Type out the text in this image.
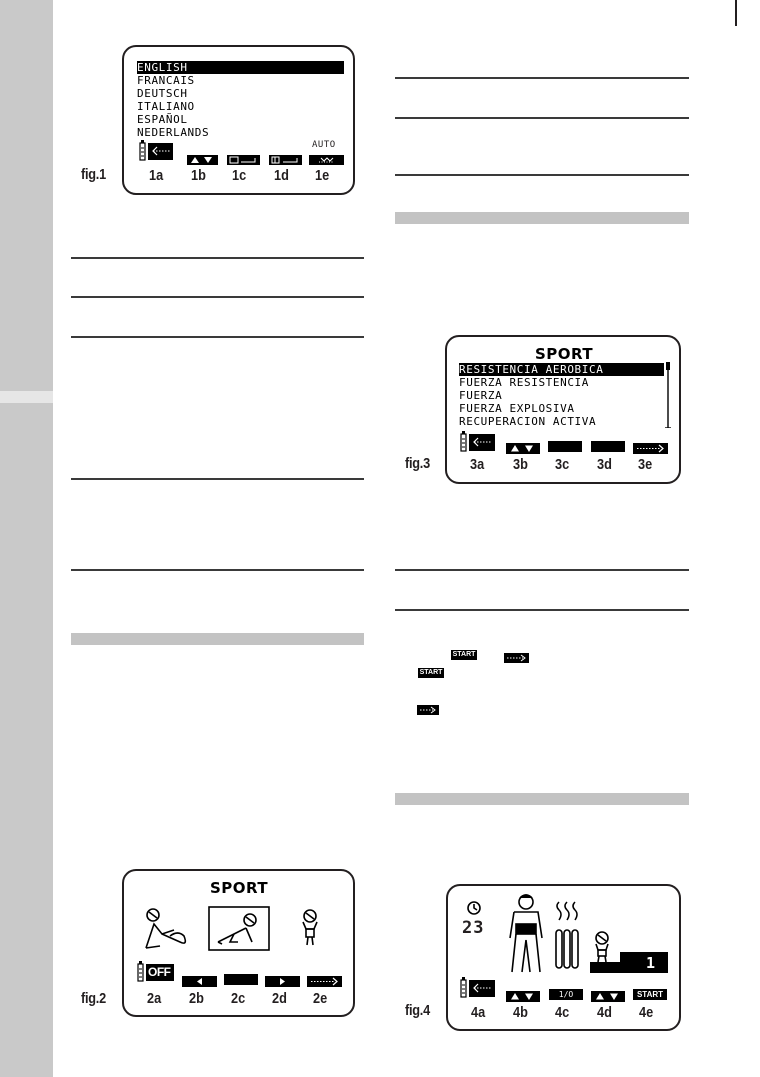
START
START
fig.1
ENGLISH
FRANCAIS
DEUTSCH
ITALIANO
ESPAÑOL
NEDERLANDS
AUTO
1a 1b 1c 1d 1e
fig.2
SPORT
OFF
2a 2b 2c 2d 2e
fig.3
SPORT
RESISTENCIA AEROBICA
FUERZA RESISTENCIA
FUERZA
FUERZA EXPLOSIVA
RECUPERACION ACTIVA
3a 3b 3c 3d 3e
fig.4
23
1
1/O	START
4a 4b 4c 4d 4e
